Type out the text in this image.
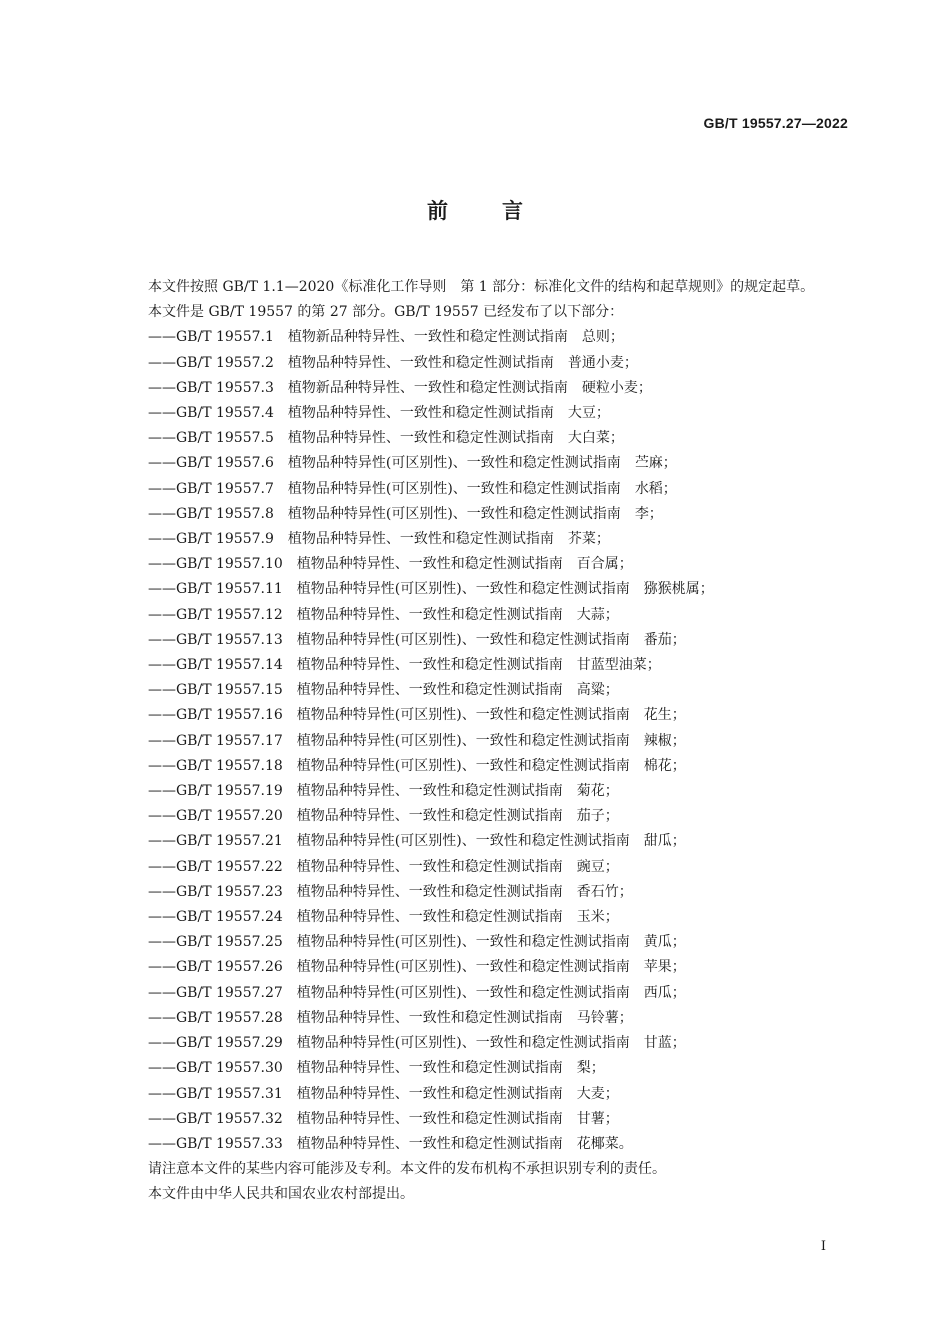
GB/T 19557.27—2022
前言

本文件按照 GB/T 1.1—2020《标准化工作导则　第 1 部分：标准化文件的结构和起草规则》的规定起草。

本文件是 GB/T 19557 的第 27 部分。GB/T 19557 已经发布了以下部分：

——GB/T 19557.1 植物新品种特异性、一致性和稳定性测试指南 总则；
——GB/T 19557.2 植物品种特异性、一致性和稳定性测试指南 普通小麦；
——GB/T 19557.3 植物新品种特异性、一致性和稳定性测试指南 硬粒小麦；
——GB/T 19557.4 植物品种特异性、一致性和稳定性测试指南 大豆；
——GB/T 19557.5 植物品种特异性、一致性和稳定性测试指南 大白菜；
——GB/T 19557.6 植物品种特异性(可区别性)、一致性和稳定性测试指南 苎麻；
——GB/T 19557.7 植物品种特异性(可区别性)、一致性和稳定性测试指南 水稻；
——GB/T 19557.8 植物品种特异性(可区别性)、一致性和稳定性测试指南 李；
——GB/T 19557.9 植物品种特异性、一致性和稳定性测试指南 芥菜；
——GB/T 19557.10 植物品种特异性、一致性和稳定性测试指南 百合属；
——GB/T 19557.11 植物品种特异性(可区别性)、一致性和稳定性测试指南 猕猴桃属；
——GB/T 19557.12 植物品种特异性、一致性和稳定性测试指南 大蒜；
——GB/T 19557.13 植物品种特异性(可区别性)、一致性和稳定性测试指南 番茄；
——GB/T 19557.14 植物品种特异性、一致性和稳定性测试指南 甘蓝型油菜；
——GB/T 19557.15 植物品种特异性、一致性和稳定性测试指南 高粱；
——GB/T 19557.16 植物品种特异性(可区别性)、一致性和稳定性测试指南 花生；
——GB/T 19557.17 植物品种特异性(可区别性)、一致性和稳定性测试指南 辣椒；
——GB/T 19557.18 植物品种特异性(可区别性)、一致性和稳定性测试指南 棉花；
——GB/T 19557.19 植物品种特异性、一致性和稳定性测试指南 菊花；
——GB/T 19557.20 植物品种特异性、一致性和稳定性测试指南 茄子；
——GB/T 19557.21 植物品种特异性(可区别性)、一致性和稳定性测试指南 甜瓜；
——GB/T 19557.22 植物品种特异性、一致性和稳定性测试指南 豌豆；
——GB/T 19557.23 植物品种特异性、一致性和稳定性测试指南 香石竹；
——GB/T 19557.24 植物品种特异性、一致性和稳定性测试指南 玉米；
——GB/T 19557.25 植物品种特异性(可区别性)、一致性和稳定性测试指南 黄瓜；
——GB/T 19557.26 植物品种特异性(可区别性)、一致性和稳定性测试指南 苹果；
——GB/T 19557.27 植物品种特异性(可区别性)、一致性和稳定性测试指南 西瓜；
——GB/T 19557.28 植物品种特异性、一致性和稳定性测试指南 马铃薯；
——GB/T 19557.29 植物品种特异性(可区别性)、一致性和稳定性测试指南 甘蓝；
——GB/T 19557.30 植物品种特异性、一致性和稳定性测试指南 梨；
——GB/T 19557.31 植物品种特异性、一致性和稳定性测试指南 大麦；
——GB/T 19557.32 植物品种特异性、一致性和稳定性测试指南 甘薯；
——GB/T 19557.33 植物品种特异性、一致性和稳定性测试指南 花椰菜。

请注意本文件的某些内容可能涉及专利。本文件的发布机构不承担识别专利的责任。

本文件由中华人民共和国农业农村部提出。

I
